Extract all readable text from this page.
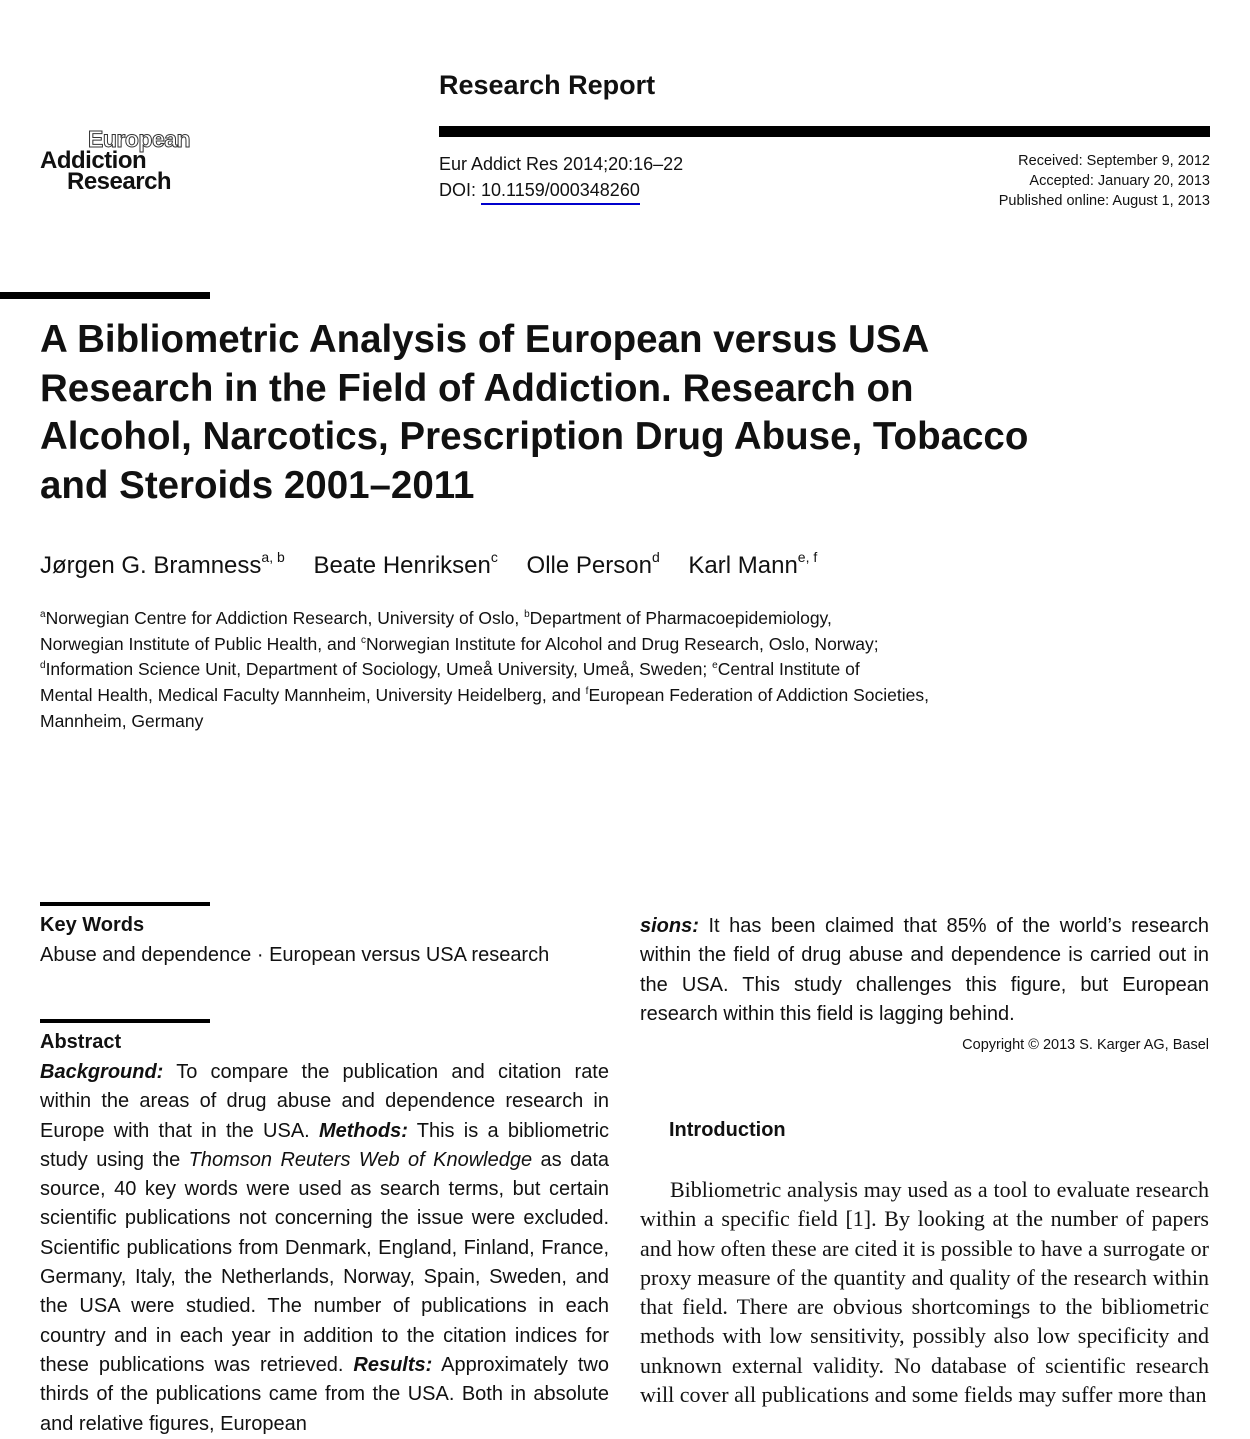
European
Addiction
Research
Research Report
Eur Addict Res 2014;20:16–22
DOI: 10.1159/000348260
Received: September 9, 2012
Accepted: January 20, 2013
Published online: August 1, 2013
A Bibliometric Analysis of European versus USA Research in the Field of Addiction. Research on Alcohol, Narcotics, Prescription Drug Abuse, Tobacco and Steroids 2001–2011
Jørgen G. Bramness$^{a, b}$ Beate Henriksen$^c$ Olle Person$^d$ Karl Mann$^{e, f}$
$^a$Norwegian Centre for Addiction Research, University of Oslo, $^b$Department of Pharmacoepidemiology,
Norwegian Institute of Public Health, and $^c$Norwegian Institute for Alcohol and Drug Research, Oslo, Norway;
$^d$Information Science Unit, Department of Sociology, Umeå University, Umeå, Sweden; $^e$Central Institute of
Mental Health, Medical Faculty Mannheim, University Heidelberg, and $^f$European Federation of Addiction Societies,
Mannheim, Germany
Key Words
Abuse and dependence · European versus USA research
Abstract
Background: To compare the publication and citation rate within the areas of drug abuse and dependence research in Europe with that in the USA. Methods: This is a bibliometric study using the Thomson Reuters Web of Knowledge as data source, 40 key words were used as search terms, but certain scientific publications not concerning the issue were excluded. Scientific publications from Denmark, England, Finland, France, Germany, Italy, the Netherlands, Norway, Spain, Sweden, and the USA were studied. The number of publications in each country and in each year in addition to the citation indices for these publications was retrieved. Results: Approximately two thirds of the publications came from the USA. Both in absolute and relative figures, European
sions: It has been claimed that 85% of the world’s research within the field of drug abuse and dependence is carried out in the USA. This study challenges this figure, but European research within this field is lagging behind.
Copyright © 2013 S. Karger AG, Basel
Introduction
Bibliometric analysis may used as a tool to evaluate research within a specific field [1]. By looking at the number of papers and how often these are cited it is possible to have a surrogate or proxy measure of the quantity and quality of the research within that field. There are obvious shortcomings to the bibliometric methods with low sensitivity, possibly also low specificity and unknown external validity. No database of scientific research will cover all publications and some fields may suffer more than
